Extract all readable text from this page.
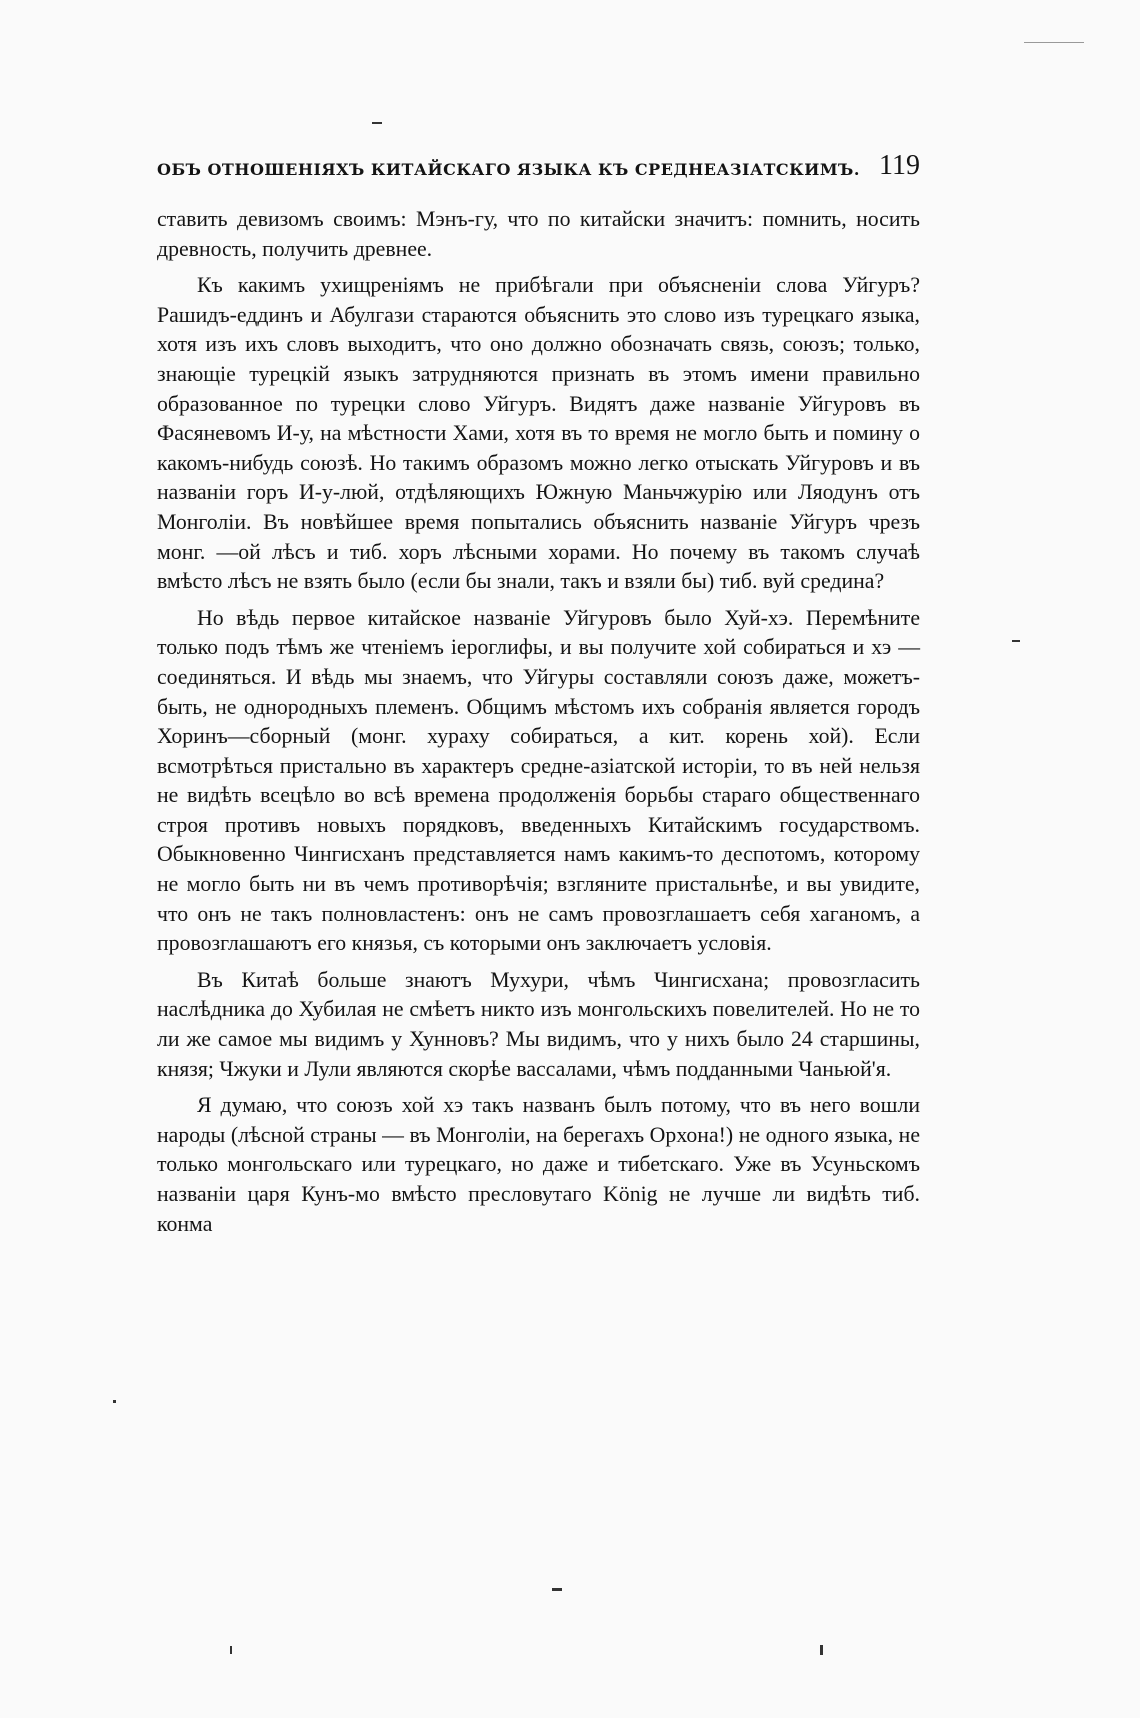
ОБЪ ОТНОШЕНІЯХЪ КИТАЙСКАГО ЯЗЫКА КЪ СРЕДНЕАЗІАТСКИМЪ. 119

ставить девизомъ своимъ: Мэнъ-гу, что по китайски значитъ: помнить, носить древность, получить древнее.

Къ какимъ ухищреніямъ не прибѣгали при объясненіи слова Уйгуръ? Рашидъ-еддинъ и Абулгази стараются объяснить это слово изъ турецкаго языка, хотя изъ ихъ словъ выходитъ, что оно должно обозначать связь, союзъ; только, знающіе турецкій языкъ затрудняются признать въ этомъ имени правильно образованное по турецки слово Уйгуръ. Видятъ даже названіе Уйгуровъ въ Фасяневомъ И-у, на мѣстности Хами, хотя въ то время не могло быть и помину о какомъ-нибудь союзѣ. Но такимъ образомъ можно легко отыскать Уйгуровъ и въ названіи горъ И-у-люй, отдѣляющихъ Южную Маньчжурію или Ляодунъ отъ Монголіи. Въ новѣйшее время попытались объяснить названіе Уйгуръ чрезъ монг. —ой лѣсъ и тиб. хоръ лѣсными хорами. Но почему въ такомъ случаѣ вмѣсто лѣсъ не взять было (если бы знали, такъ и взяли бы) тиб. вуй средина?

Но вѣдь первое китайское названіе Уйгуровъ было Хуй-хэ. Перемѣните только подъ тѣмъ же чтеніемъ іероглифы, и вы получите хой собираться и хэ — соединяться. И вѣдь мы знаемъ, что Уйгуры составляли союзъ даже, можетъ-быть, не однородныхъ племенъ. Общимъ мѣстомъ ихъ собранія является городъ Хоринъ—сборный (монг. хураху собираться, а кит. корень хой). Если всмотрѣться пристально въ характеръ средне-азіатской исторіи, то въ ней нельзя не видѣть всецѣло во всѣ времена продолженія борьбы стараго общественнаго строя противъ новыхъ порядковъ, введенныхъ Китайскимъ государствомъ. Обыкновенно Чингисханъ представляется намъ какимъ-то деспотомъ, которому не могло быть ни въ чемъ противорѣчія; взгляните пристальнѣе, и вы увидите, что онъ не такъ полновластенъ: онъ не самъ провозглашаетъ себя хаганомъ, а провозглашаютъ его князья, съ которыми онъ заключаетъ условія.

Въ Китаѣ больше знаютъ Мухури, чѣмъ Чингисхана; провозгласить наслѣдника до Хубилая не смѣетъ никто изъ монгольскихъ повелителей. Но не то ли же самое мы видимъ у Хунновъ? Мы видимъ, что у нихъ было 24 старшины, князя; Чжуки и Лули являются скорѣе вассалами, чѣмъ подданными Чаньюй'я.

Я думаю, что союзъ хой хэ такъ названъ былъ потому, что въ него вошли народы (лѣсной страны — въ Монголіи, на берегахъ Орхона!) не одного языка, не только монгольскаго или турецкаго, но даже и тибетскаго. Уже въ Усуньскомъ названіи царя Кунъ-мо вмѣсто пресловутаго König не лучше ли видѣть тиб. конма
